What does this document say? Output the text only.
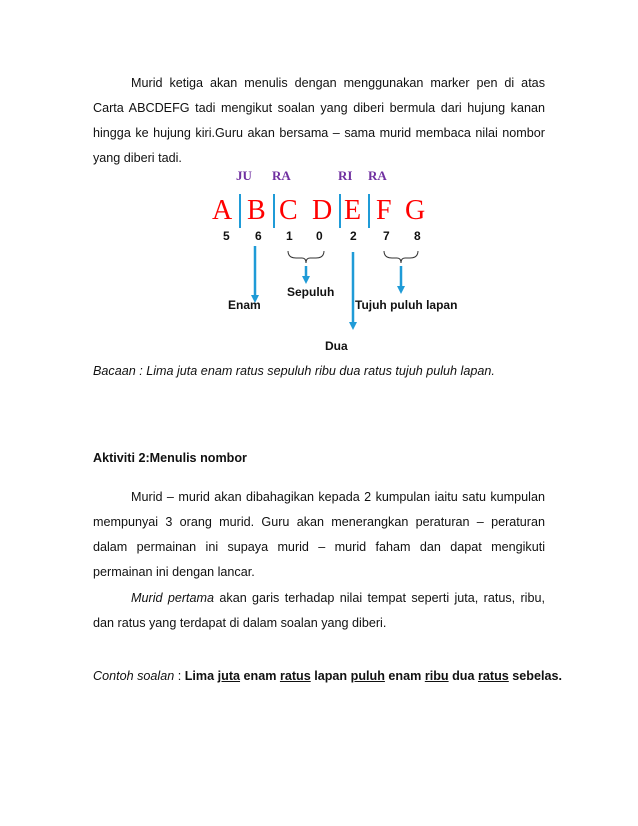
Murid ketiga akan menulis dengan menggunakan marker pen di atas Carta ABCDEFG tadi mengikut soalan yang diberi bermula dari hujung kanan hingga ke hujung kiri.Guru akan bersama – sama murid membaca nilai nombor yang diberi tadi.

JU RA	RI RA
A B C D E F G
5 6 1 0 2 7 8
Sepuluh
Enam	Tujuh puluh lapan
Dua

Bacaan : Lima juta enam ratus sepuluh ribu dua ratus tujuh puluh lapan.

Aktiviti 2:Menulis nombor

Murid – murid akan dibahagikan kepada 2 kumpulan iaitu satu kumpulan mempunyai 3 orang murid. Guru akan menerangkan peraturan – peraturan dalam permainan ini supaya murid – murid faham dan dapat mengikuti permainan ini dengan lancar.

Murid pertama akan garis terhadap nilai tempat seperti juta, ratus, ribu, dan ratus yang terdapat di dalam soalan yang diberi.

Contoh soalan : Lima juta enam ratus lapan puluh enam ribu dua ratus sebelas.
